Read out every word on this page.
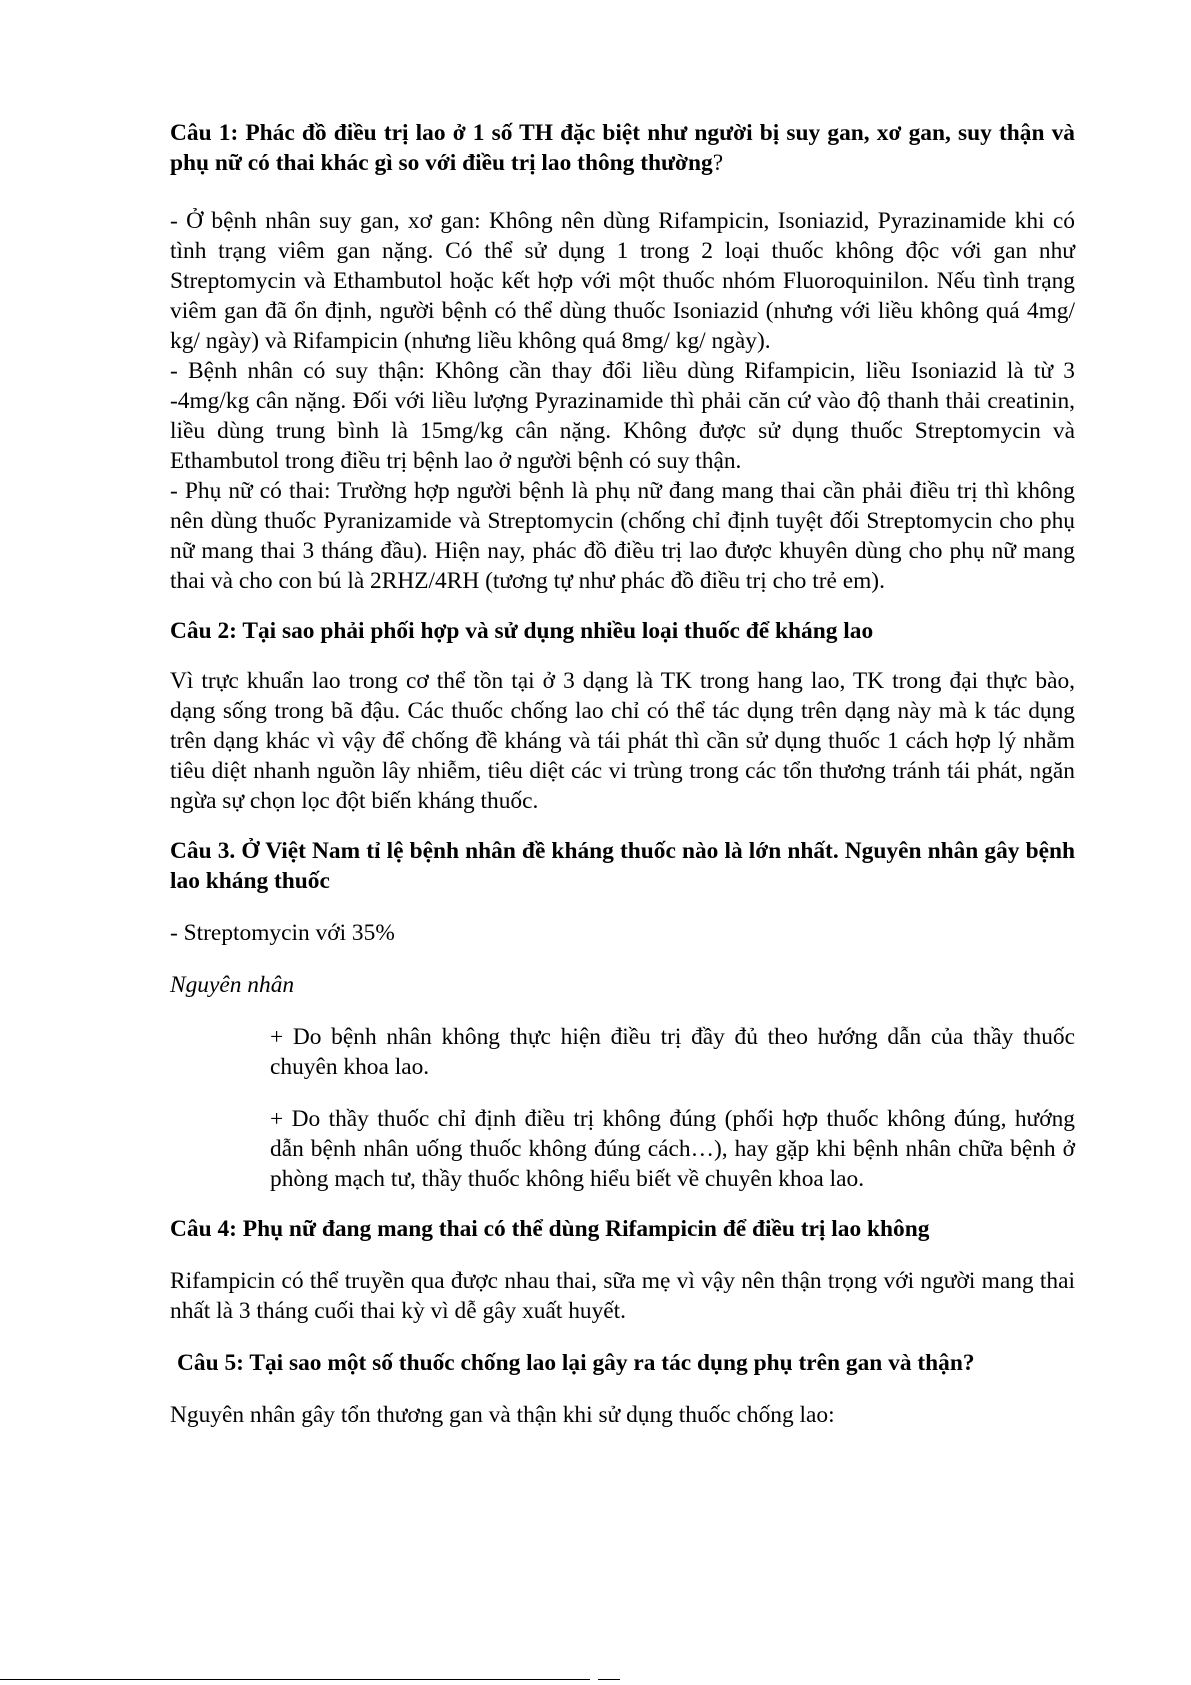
Câu 1: Phác đồ điều trị lao ở 1 số TH đặc biệt như người bị suy gan, xơ gan, suy thận và phụ nữ có thai khác gì so với điều trị lao thông thường?

- Ở bệnh nhân suy gan, xơ gan: Không nên dùng Rifampicin, Isoniazid, Pyrazinamide khi có tình trạng viêm gan nặng. Có thể sử dụng 1 trong 2 loại thuốc không độc với gan như Streptomycin và Ethambutol hoặc kết hợp với một thuốc nhóm Fluoroquinilon. Nếu tình trạng viêm gan đã ổn định, người bệnh có thể dùng thuốc Isoniazid (nhưng với liều không quá 4mg/ kg/ ngày) và Rifampicin (nhưng liều không quá 8mg/ kg/ ngày).

- Bệnh nhân có suy thận: Không cần thay đổi liều dùng Rifampicin, liều Isoniazid là từ 3 -4mg/kg cân nặng. Đối với liều lượng Pyrazinamide thì phải căn cứ vào độ thanh thải creatinin, liều dùng trung bình là 15mg/kg cân nặng. Không được sử dụng thuốc Streptomycin và Ethambutol trong điều trị bệnh lao ở người bệnh có suy thận.

- Phụ nữ có thai: Trường hợp người bệnh là phụ nữ đang mang thai cần phải điều trị thì không nên dùng thuốc Pyranizamide và Streptomycin (chống chỉ định tuyệt đối Streptomycin cho phụ nữ mang thai 3 tháng đầu). Hiện nay, phác đồ điều trị lao được khuyên dùng cho phụ nữ mang thai và cho con bú là 2RHZ/4RH (tương tự như phác đồ điều trị cho trẻ em).

Câu 2: Tại sao phải phối hợp và sử dụng nhiều loại thuốc để kháng lao

Vì trực khuẩn lao trong cơ thể tồn tại ở 3 dạng là TK trong hang lao, TK trong đại thực bào, dạng sống trong bã đậu. Các thuốc chống lao chỉ có thể tác dụng trên dạng này mà k tác dụng trên dạng khác vì vậy để chống đề kháng và tái phát thì cần sử dụng thuốc 1 cách hợp lý nhằm tiêu diệt nhanh nguồn lây nhiễm, tiêu diệt các vi trùng trong các tổn thương tránh tái phát, ngăn ngừa sự chọn lọc đột biến kháng thuốc.

Câu 3. Ở Việt Nam tỉ lệ bệnh nhân đề kháng thuốc nào là lớn nhất. Nguyên nhân gây bệnh lao kháng thuốc

- Streptomycin với 35%

Nguyên nhân

+ Do bệnh nhân không thực hiện điều trị đầy đủ theo hướng dẫn của thầy thuốc chuyên khoa lao.

+ Do thầy thuốc chỉ định điều trị không đúng (phối hợp thuốc không đúng, hướng dẫn bệnh nhân uống thuốc không đúng cách…), hay gặp khi bệnh nhân chữa bệnh ở phòng mạch tư, thầy thuốc không hiểu biết về chuyên khoa lao.

Câu 4: Phụ nữ đang mang thai có thể dùng Rifampicin để điều trị lao không

Rifampicin có thể truyền qua được nhau thai, sữa mẹ vì vậy nên thận trọng với người mang thai nhất là 3 tháng cuối thai kỳ vì dễ gây xuất huyết.

Câu 5: Tại sao một số thuốc chống lao lại gây ra tác dụng phụ trên gan và thận?

Nguyên nhân gây tổn thương gan và thận khi sử dụng thuốc chống lao:
